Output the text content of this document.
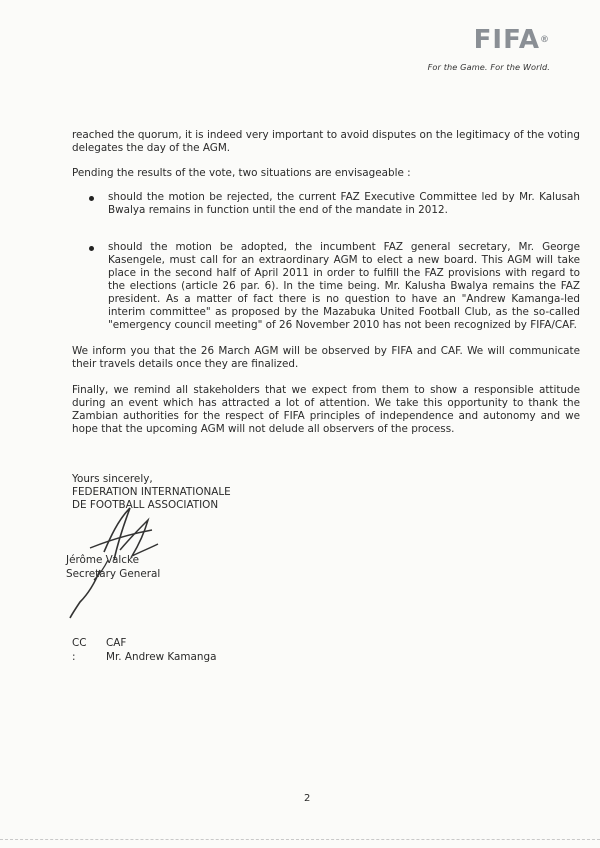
FIFA®
For the Game. For the World.

reached the quorum, it is indeed very important to avoid disputes on the legitimacy of the voting delegates the day of the AGM.

Pending the results of the vote, two situations are envisageable :

should the motion be rejected, the current FAZ Executive Committee led by Mr. Kalusah Bwalya remains in function until the end of the mandate in 2012.

should the motion be adopted, the incumbent FAZ general secretary, Mr. George Kasengele, must call for an extraordinary AGM to elect a new board. This AGM will take place in the second half of April 2011 in order to fulfill the FAZ provisions with regard to the elections (article 26 par. 6). In the time being. Mr. Kalusha Bwalya remains the FAZ president. As a matter of fact there is no question to have an "Andrew Kamanga-led interim committee" as proposed by the Mazabuka United Football Club, as the so-called "emergency council meeting" of 26 November 2010 has not been recognized by FIFA/CAF.

We inform you that the 26 March AGM will be observed by FIFA and CAF. We will communicate their travels details once they are finalized.

Finally, we remind all stakeholders that we expect from them to show a responsible attitude during an event which has attracted a lot of attention. We take this opportunity to thank the Zambian authorities for the respect of FIFA principles of independence and autonomy and we hope that the upcoming AGM will not delude all observers of the process.

Yours sincerely,
FEDERATION INTERNATIONALE
DE FOOTBALL ASSOCIATION
Jérôme Valcke
Secretary General
CC :
CAF
Mr. Andrew Kamanga
2
